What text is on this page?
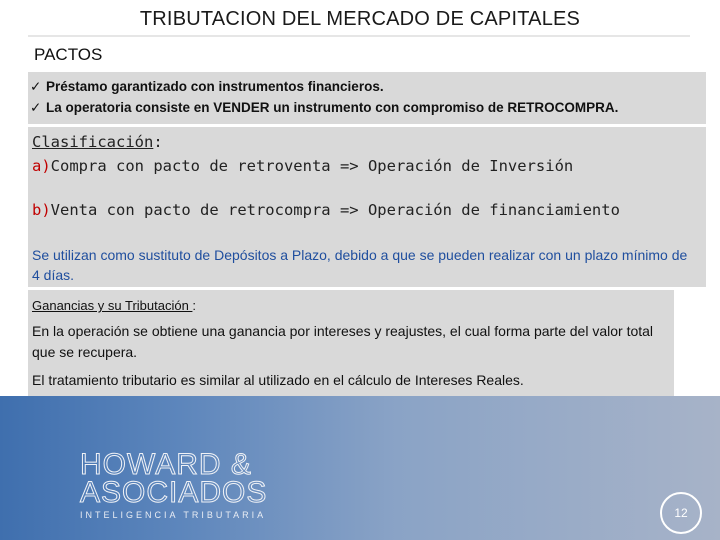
TRIBUTACION DEL MERCADO DE CAPITALES
PACTOS
✓ Préstamo garantizado con instrumentos financieros.
✓ La operatoria consiste en VENDER un instrumento con compromiso de RETROCOMPRA.
Clasificación:
a)Compra con pacto de retroventa => Operación de Inversión
b)Venta con pacto de retrocompra => Operación de financiamiento
Se utilizan como sustituto de Depósitos a Plazo, debido a que se pueden realizar con un plazo mínimo de 4 días.
Ganancias y su Tributación :
En la operación se obtiene una ganancia por intereses y reajustes, el cual forma parte del valor total que se recupera.
El tratamiento tributario es similar al utilizado en el cálculo de Intereses Reales.
HOWARD &
ASOCIADOS
INTELIGENCIA TRIBUTARIA	12
